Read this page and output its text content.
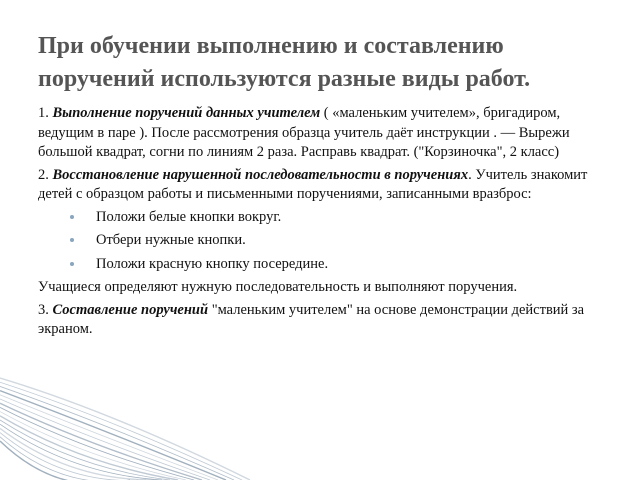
При обучении выполнению и составлению поручений используются разные виды работ.

1. Выполнение поручений данных учителем ( «маленьким учителем», бригадиром, ведущим в паре ). После рассмотрения образца учитель даёт инструкции . — Вырежи большой квадрат, согни по линиям 2 раза. Расправь квадрат. ("Корзиночка", 2 класс)

2. Восстановление нарушенной последовательности в поручениях. Учитель знакомит детей с образцом работы и письменными поручениями, записанными вразброс:

Положи белые кнопки вокруг.
Отбери нужные кнопки.
Положи красную кнопку посередине.

Учащиеся определяют нужную последовательность и выполняют поручения.

3. Составление поручений "маленьким учителем" на основе демонстрации действий за экраном.
